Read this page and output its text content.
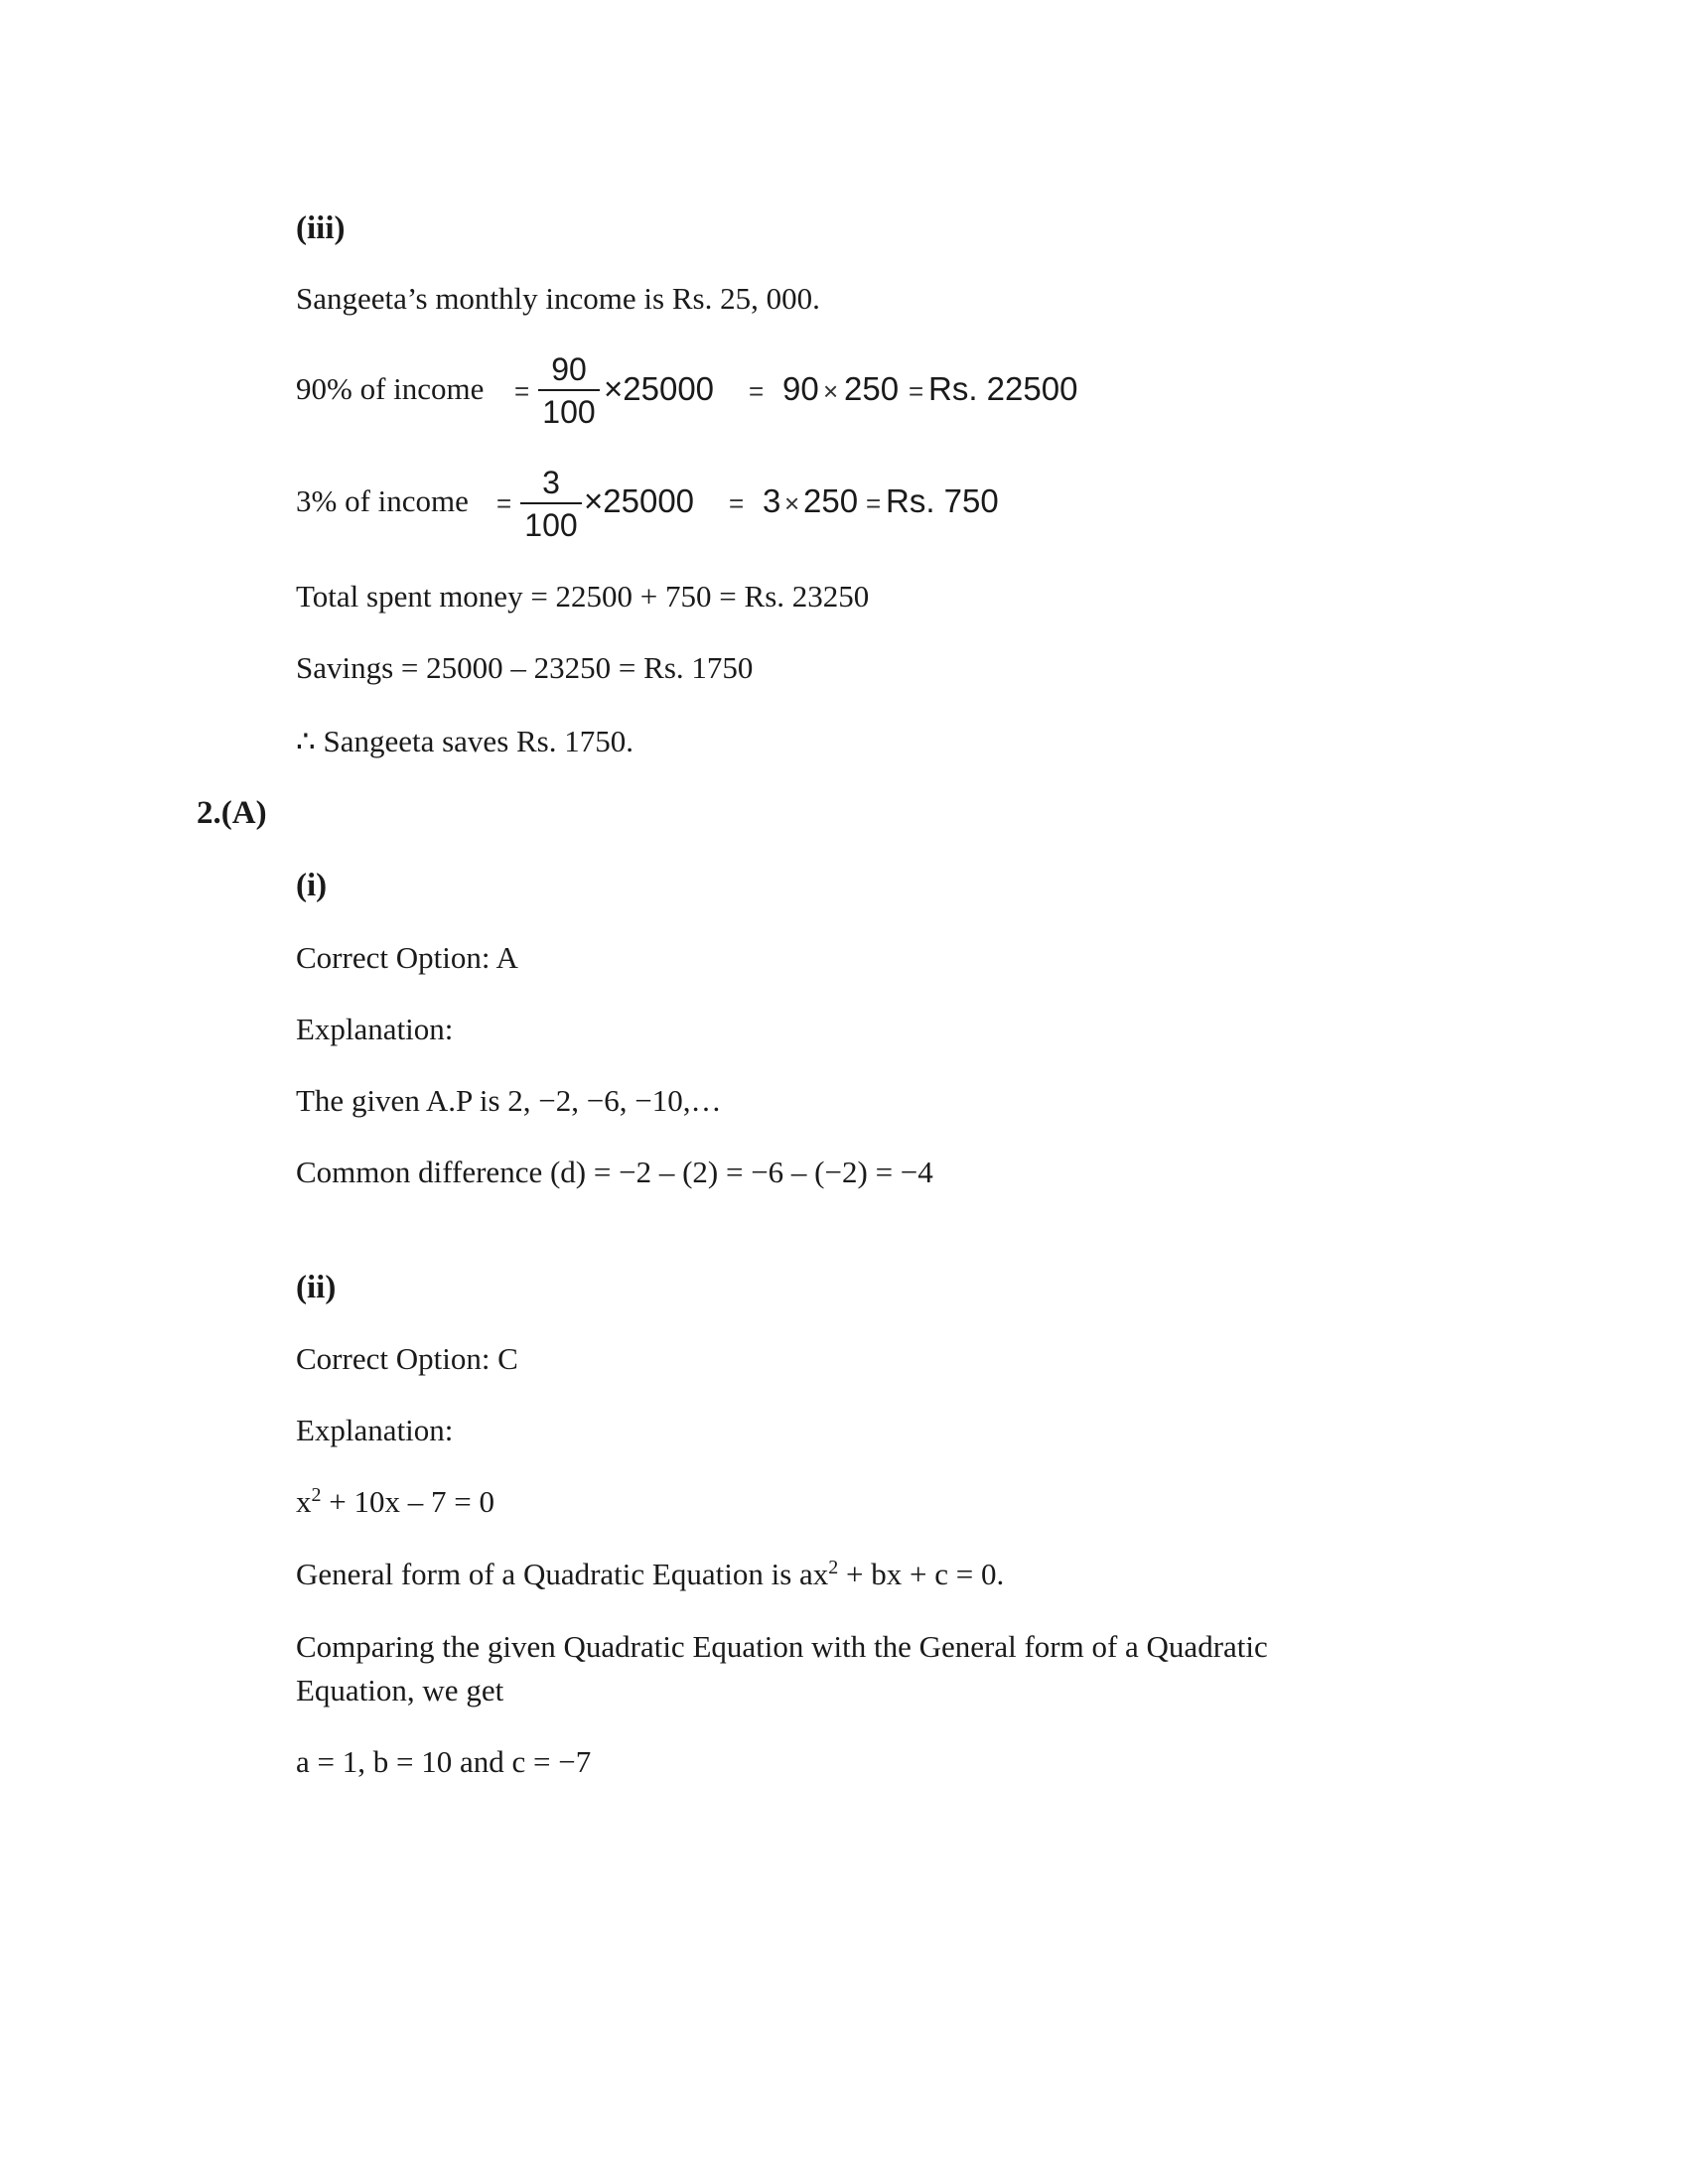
(iii)
Sangeeta’s monthly income is Rs. 25, 000.
90% of income =
90
100
×25000 = 90 × 250 = Rs. 22500
3% of income =
3
100
×25000 = 3 × 250 = Rs. 750
Total spent money = 22500 + 750 = Rs. 23250
Savings = 25000 – 23250 = Rs. 1750
∴ Sangeeta saves Rs. 1750.
2.(A)
(i)
Correct Option: A
Explanation:
The given A.P is 2, −2, −6, −10,…
Common difference (d) = −2 – (2) = −6 – (−2) = −4
(ii)
Correct Option: C
Explanation:
$x^2 + 10x - 7 = 0$
General form of a Quadratic Equation is $ax^2$ + bx + c = 0.
Comparing the given Quadratic Equation with the General form of a Quadratic
Equation, we get
a = 1, b = 10 and c = −7
